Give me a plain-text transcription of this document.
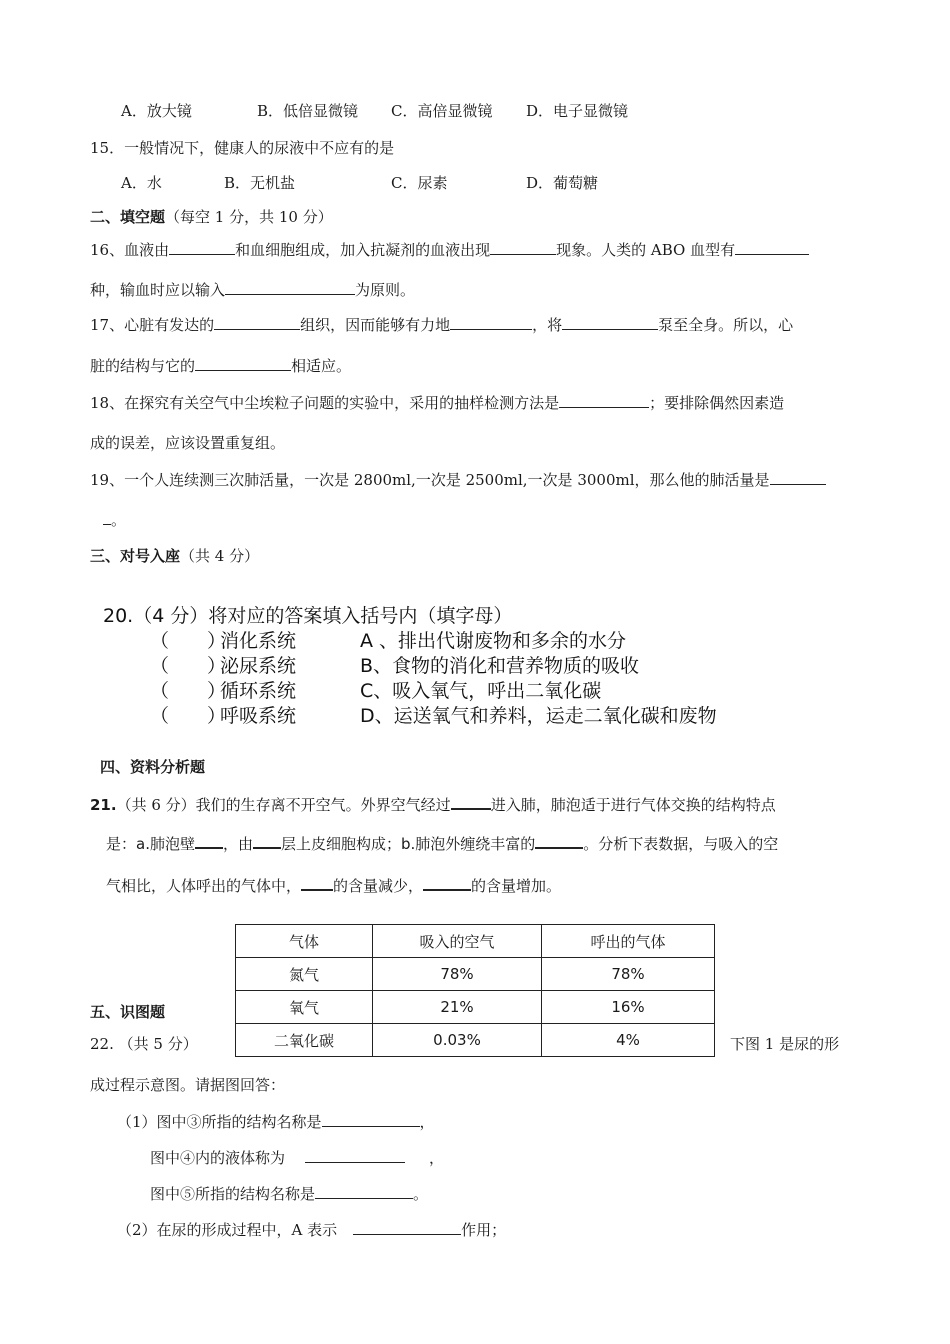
A．放大镜	B．低倍显微镜 C．高倍显微镜 D．电子显微镜
15．一般情况下，健康人的尿液中不应有的是
A．水	B．无机盐	C．尿素	D．葡萄糖
二、填空题（每空 1 分，共 10 分）
16、血液由	和血细胞组成，加入抗凝剂的血液出现	现象。人类的 ABO 血型有
种，输血时应以输入	为原则。
17、心脏有发达的	组织，因而能够有力地	，将	泵至全身。所以，心
脏的结构与它的	相适应。
18、在探究有关空气中尘埃粒子问题的实验中，采用的抽样检测方法是	；要排除偶然因素造
成的误差，应该设置重复组。
19、一个人连续测三次肺活量，一次是 2800ml,一次是 2500ml,一次是 3000ml，那么他的肺活量是
。
三、对号入座（共 4 分）
20.（4 分）将对应的答案填入括号内（填字母）
（　　）消化系统	A 、排出代谢废物和多余的水分
（　　）泌尿系统	B、食物的消化和营养物质的吸收
（　　）循环系统	C、吸入氧气，呼出二氧化碳
（　　）呼吸系统	D、运送氧气和养料，运走二氧化碳和废物
四、资料分析题
21.（共 6 分）我们的生存离不开空气。外界空气经过	进入肺，肺泡适于进行气体交换的结构特点
是：a.肺泡壁 ，由 层上皮细胞构成；b.肺泡外缠绕丰富的	。分析下表数据，与吸入的空
气相比，人体呼出的气体中， 的含量减少，	的含量增加。
气体	吸入的空气	呼出的气体
氮气	78%	78%
氧气	21%	16%
二氧化碳	0.03%	4%
五、识图题
22. （共 5 分）	下图 1 是尿的形
成过程示意图。请据图回答：
（1）图中③所指的结构名称是	，
图中④内的液体称为	，
图中⑤所指的结构名称是	。
（2）在尿的形成过程中，A 表示	作用；
